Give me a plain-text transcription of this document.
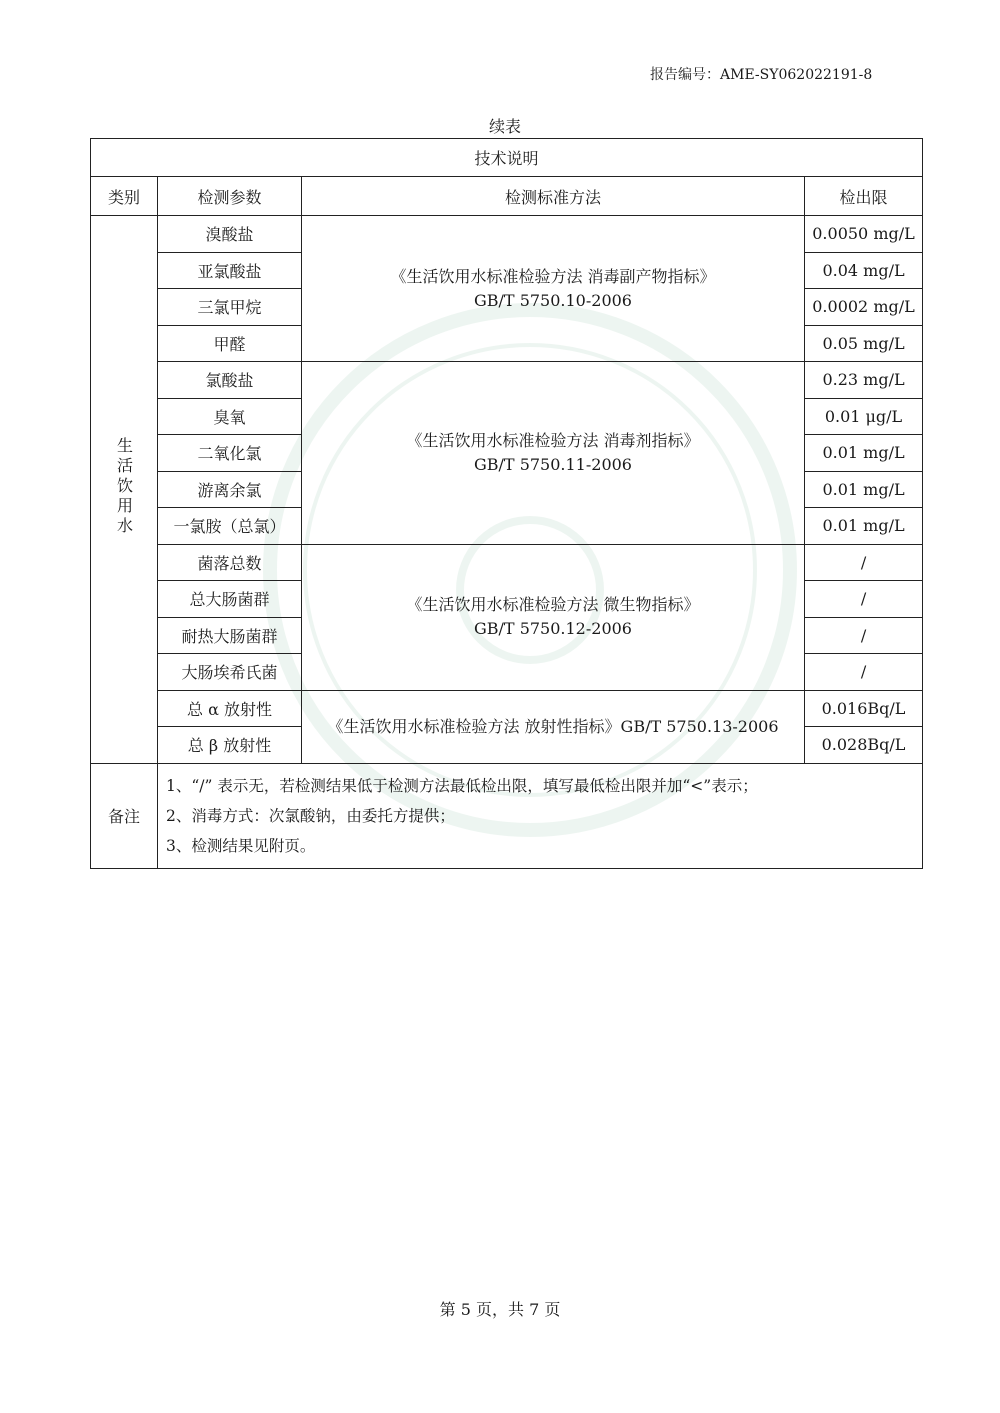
报告编号：AME-SY062022191-8
续表
技术说明			
类别	检测参数	检测标准方法	检出限
生活饮用水	溴酸盐	《生活饮用水标准检验方法 消毒副产物指标》
GB/T 5750.10-2006	0.0050 mg/L
	亚氯酸盐		0.04 mg/L
	三氯甲烷		0.0002 mg/L
	甲醛		0.05 mg/L
	氯酸盐	《生活饮用水标准检验方法 消毒剂指标》
GB/T 5750.11-2006	0.23 mg/L
	臭氧		0.01 μg/L
	二氧化氯		0.01 mg/L
	游离余氯		0.01 mg/L
	一氯胺（总氯）		0.01 mg/L
	菌落总数	《生活饮用水标准检验方法 微生物指标》
GB/T 5750.12-2006	/
	总大肠菌群		/
	耐热大肠菌群		/
	大肠埃希氏菌		/
	总 α 放射性	《生活饮用水标准检验方法 放射性指标》GB/T 5750.13-2006	0.016Bq/L
	总 β 放射性		0.028Bq/L
备注	1、“/” 表示无，若检测结果低于检测方法最低检出限，填写最低检出限并加“<”表示；
2、消毒方式：次氯酸钠，由委托方提供；
3、检测结果见附页。		
第 5 页，共 7 页
